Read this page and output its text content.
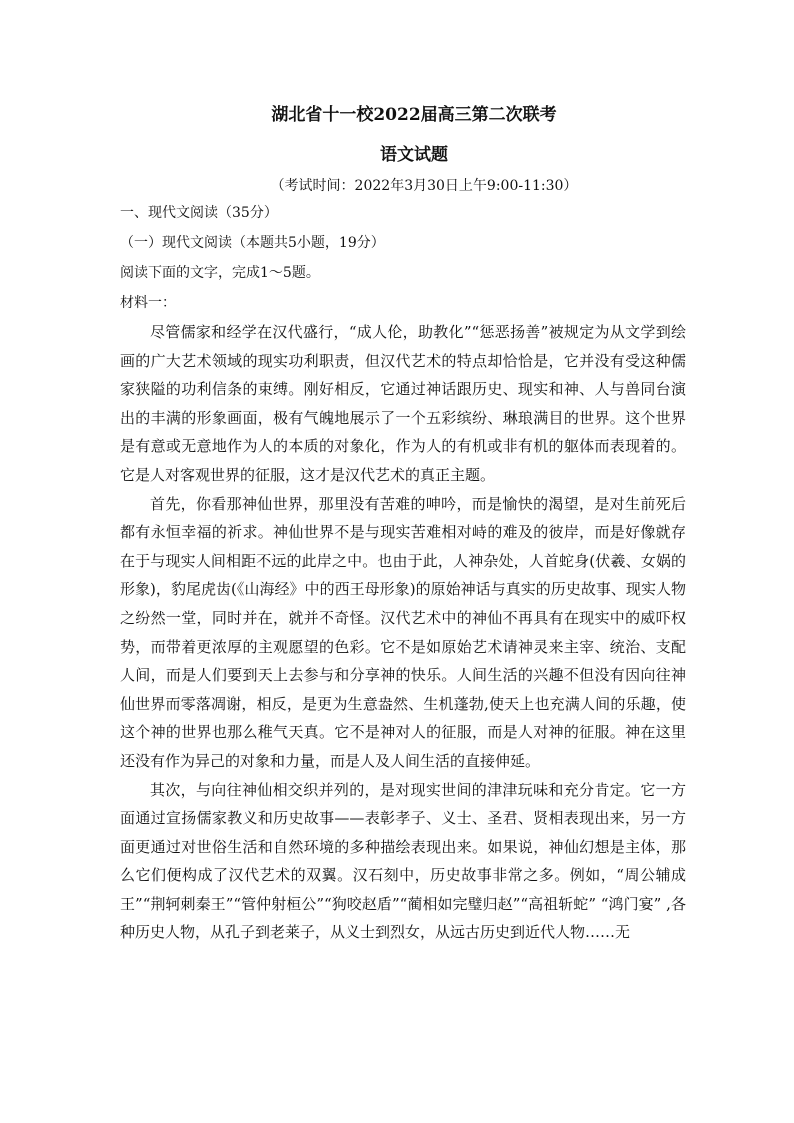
湖北省十一校2022届高三第二次联考
语文试题
（考试时间：2022年3月30日上午9:00-11:30）
一、现代文阅读（35分）
（一）现代文阅读（本题共5小题，19分）
阅读下面的文字，完成1～5题。
材料一：

尽管儒家和经学在汉代盛行，“成人伦，助教化”“惩恶扬善”被规定为从文学到绘画的广大艺术领域的现实功利职责，但汉代艺术的特点却恰恰是，它并没有受这种儒家狭隘的功利信条的束缚。刚好相反，它通过神话跟历史、现实和神、人与兽同台演出的丰满的形象画面，极有气魄地展示了一个五彩缤纷、琳琅满目的世界。这个世界是有意或无意地作为人的本质的对象化，作为人的有机或非有机的躯体而表现着的。它是人对客观世界的征服，这才是汉代艺术的真正主题。

首先，你看那神仙世界，那里没有苦难的呻吟，而是愉快的渴望，是对生前死后都有永恒幸福的祈求。神仙世界不是与现实苦难相对峙的难及的彼岸，而是好像就存在于与现实人间相距不远的此岸之中。也由于此，人神杂处，人首蛇身(伏羲、女娲的形象)，豹尾虎齿(《山海经》中的西王母形象)的原始神话与真实的历史故事、现实人物之纷然一堂，同时并在，就并不奇怪。汉代艺术中的神仙不再具有在现实中的威吓权势，而带着更浓厚的主观愿望的色彩。它不是如原始艺术请神灵来主宰、统治、支配人间，而是人们要到天上去参与和分享神的快乐。人间生活的兴趣不但没有因向往神仙世界而零落凋谢，相反，是更为生意盎然、生机蓬勃,使天上也充满人间的乐趣，使这个神的世界也那么稚气天真。它不是神对人的征服，而是人对神的征服。神在这里还没有作为异己的对象和力量，而是人及人间生活的直接伸延。

其次，与向往神仙相交织并列的，是对现实世间的津津玩味和充分肯定。它一方面通过宣扬儒家教义和历史故事——表彰孝子、义士、圣君、贤相表现出来，另一方面更通过对世俗生活和自然环境的多种描绘表现出来。如果说，神仙幻想是主体，那么它们便构成了汉代艺术的双翼。汉石刻中，历史故事非常之多。例如，“周公辅成王”“荆轲刺秦王”“管仲射桓公”“狗咬赵盾”“蔺相如完璧归赵”“高祖斩蛇” “鸿门宴” ,各种历史人物，从孔子到老莱子，从义士到烈女，从远古历史到近代人物……无
